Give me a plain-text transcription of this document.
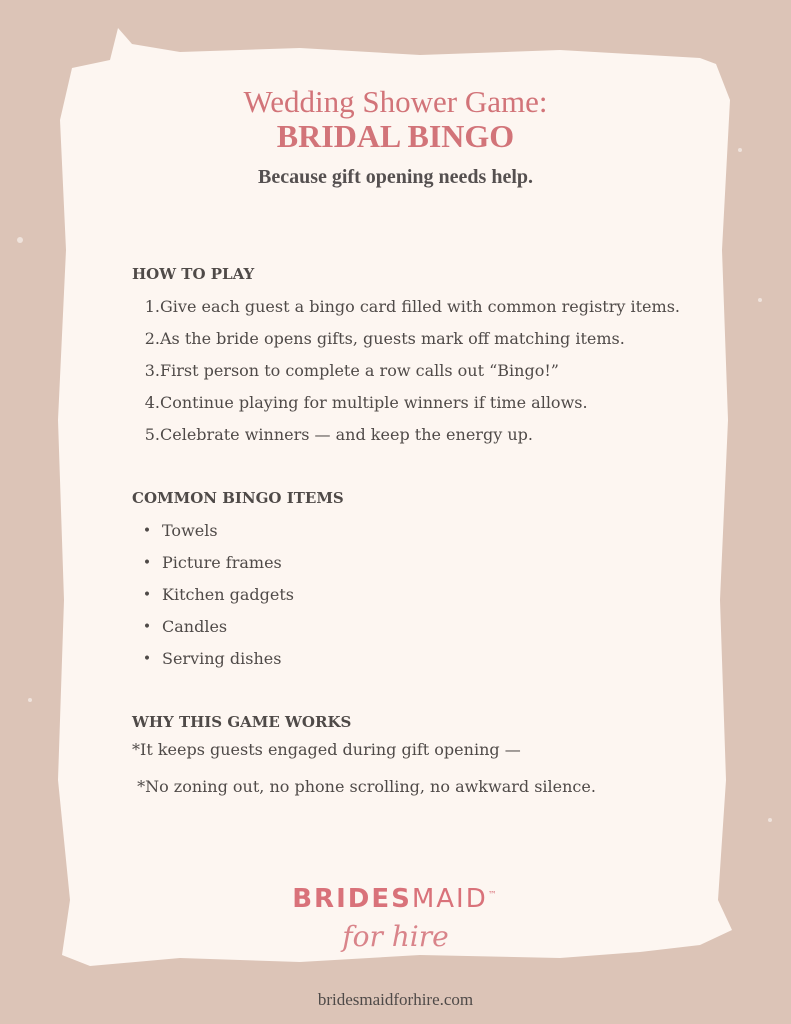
Wedding Shower Game:
BRIDAL BINGO
Because gift opening needs help.
HOW TO PLAY
1. Give each guest a bingo card filled with common registry items.
2. As the bride opens gifts, guests mark off matching items.
3. First person to complete a row calls out “Bingo!”
4. Continue playing for multiple winners if time allows.
5. Celebrate winners — and keep the energy up.
COMMON BINGO ITEMS
• Towels
• Picture frames
• Kitchen gadgets
• Candles
• Serving dishes
WHY THIS GAME WORKS
*It keeps guests engaged during gift opening —
*No zoning out, no phone scrolling, no awkward silence.
BRIDESMAID™
for hire
bridesmaidforhire.com
